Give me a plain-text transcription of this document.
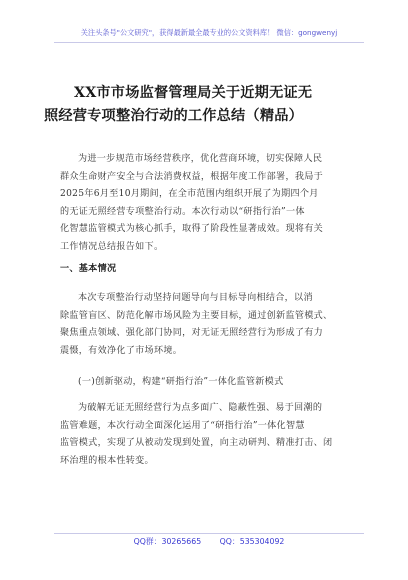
关注头条号"公文研究"，获得最新最全最专业的公文资料库！ 微信：gongwenyj
XX市市场监督管理局关于近期无证无
照经营专项整治行动的工作总结（精品）
为进一步规范市场经营秩序，优化营商环境，切实保障人民
群众生命财产安全与合法消费权益，根据年度工作部署，我局于
2025年6月至10月期间，在全市范围内组织开展了为期四个月
的无证无照经营专项整治行动。本次行动以“研指行治”一体
化智慧监管模式为核心抓手，取得了阶段性显著成效。现将有关
工作情况总结报告如下。
一、基本情况
本次专项整治行动坚持问题导向与目标导向相结合，以消
除监管盲区、防范化解市场风险为主要目标，通过创新监管模式、
聚焦重点领域、强化部门协同，对无证无照经营行为形成了有力
震慑，有效净化了市场环境。
(一)创新驱动，构建“研指行治”一体化监管新模式
为破解无证无照经营行为点多面广、隐蔽性强、易于回潮的
监管难题，本次行动全面深化运用了“研指行治”一体化智慧
监管模式，实现了从被动发现到处置，向主动研判、精准打击、闭
环治理的根本性转变。
QQ群：30265665 QQ：535304092
